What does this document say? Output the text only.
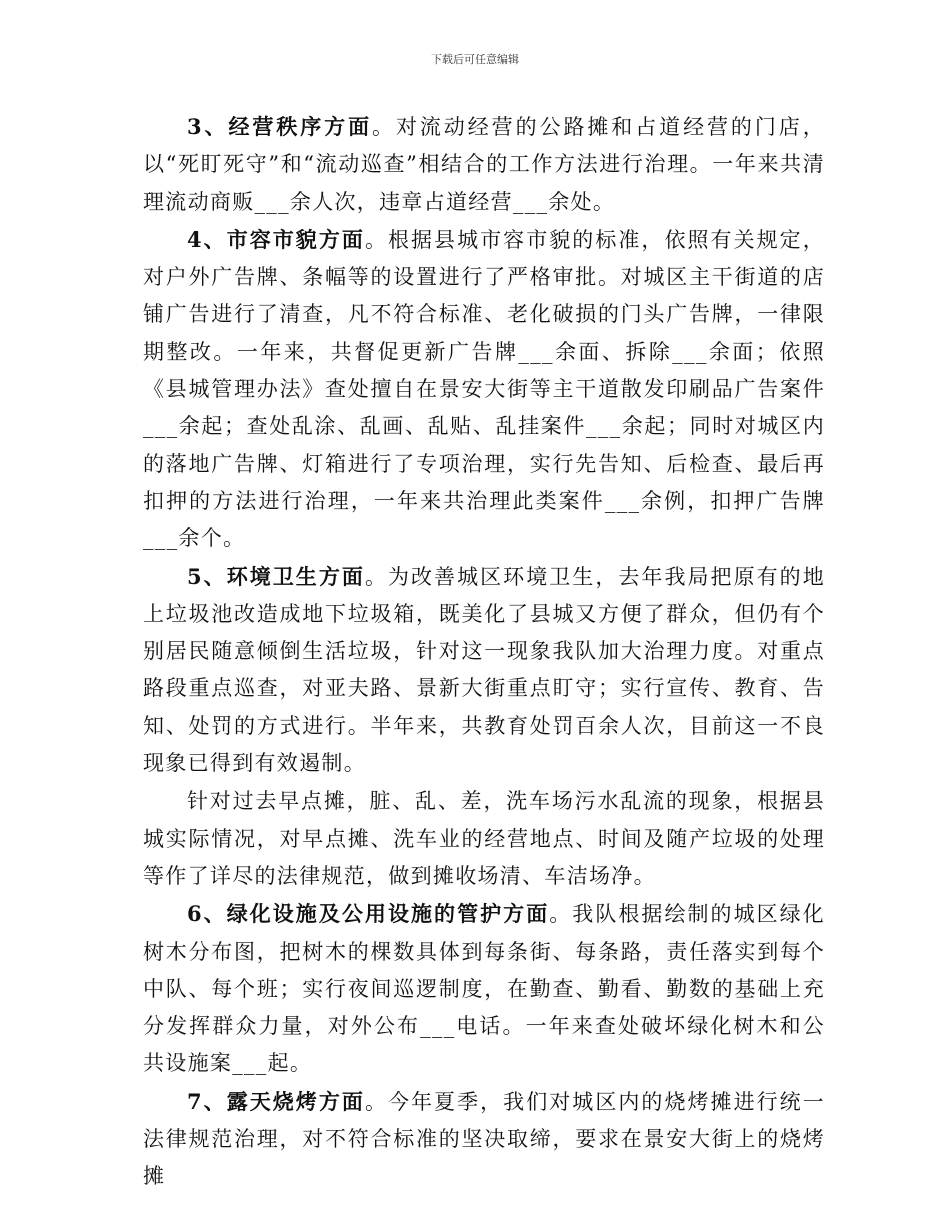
下载后可任意编辑

3、经营秩序方面。对流动经营的公路摊和占道经营的门店，以“死盯死守”和“流动巡查”相结合的工作方法进行治理。一年来共清理流动商贩___余人次，违章占道经营___余处。

4、市容市貌方面。根据县城市容市貌的标准，依照有关规定，对户外广告牌、条幅等的设置进行了严格审批。对城区主干街道的店铺广告进行了清查，凡不符合标准、老化破损的门头广告牌，一律限期整改。一年来，共督促更新广告牌___余面、拆除___余面；依照《县城管理办法》查处擅自在景安大街等主干道散发印刷品广告案件___余起；查处乱涂、乱画、乱贴、乱挂案件___余起；同时对城区内的落地广告牌、灯箱进行了专项治理，实行先告知、后检查、最后再扣押的方法进行治理，一年来共治理此类案件___余例，扣押广告牌___余个。

5、环境卫生方面。为改善城区环境卫生，去年我局把原有的地上垃圾池改造成地下垃圾箱，既美化了县城又方便了群众，但仍有个别居民随意倾倒生活垃圾，针对这一现象我队加大治理力度。对重点路段重点巡查，对亚夫路、景新大街重点盯守；实行宣传、教育、告知、处罚的方式进行。半年来，共教育处罚百余人次，目前这一不良现象已得到有效遏制。

针对过去早点摊，脏、乱、差，洗车场污水乱流的现象，根据县城实际情况，对早点摊、洗车业的经营地点、时间及随产垃圾的处理等作了详尽的法律规范，做到摊收场清、车洁场净。

6、绿化设施及公用设施的管护方面。我队根据绘制的城区绿化树木分布图，把树木的棵数具体到每条街、每条路，责任落实到每个中队、每个班；实行夜间巡逻制度，在勤查、勤看、勤数的基础上充分发挥群众力量，对外公布___电话。一年来查处破坏绿化树木和公共设施案___起。

7、露天烧烤方面。今年夏季，我们对城区内的烧烤摊进行统一法律规范治理，对不符合标准的坚决取缔，要求在景安大街上的烧烤摊
